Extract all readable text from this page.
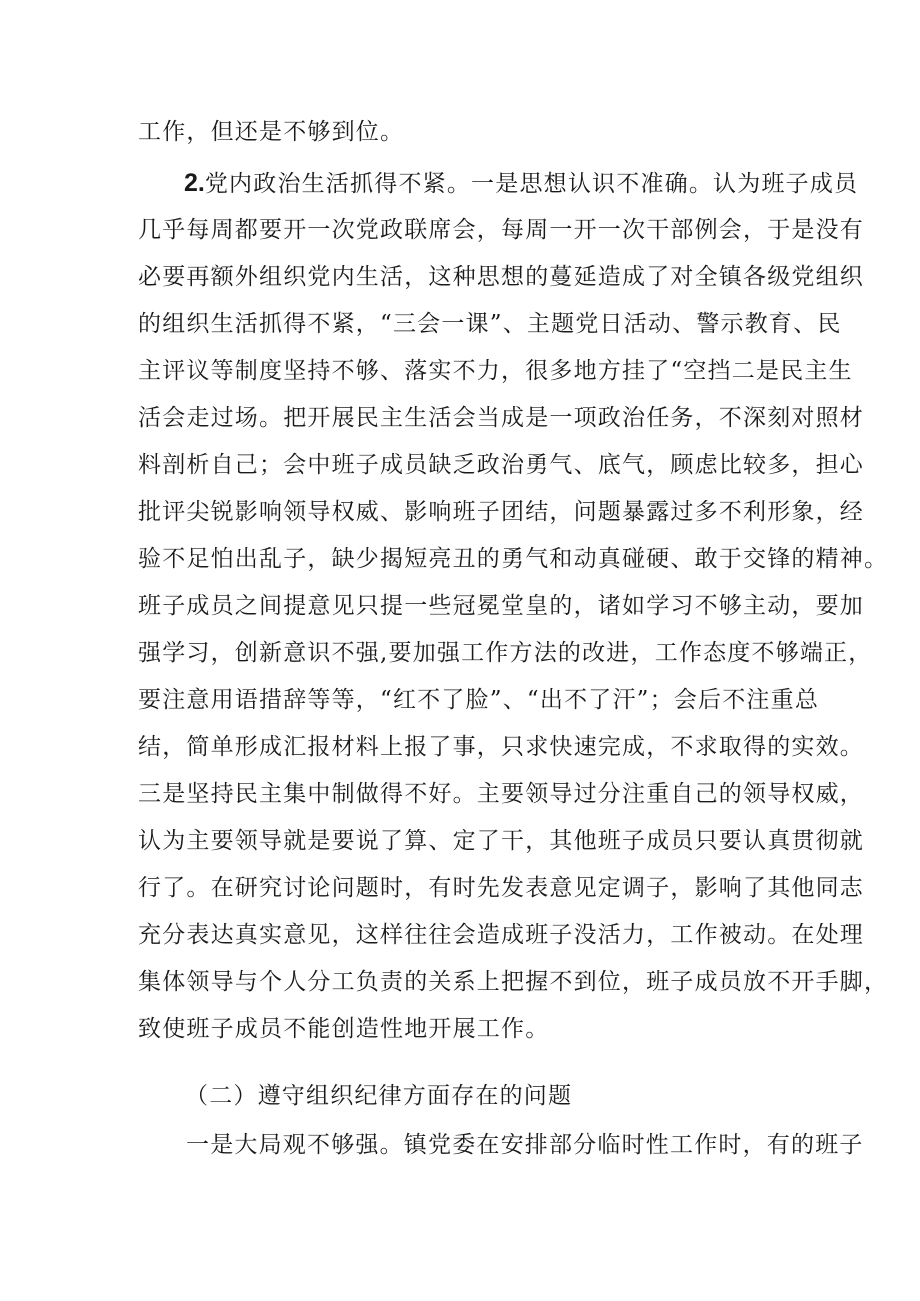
工作，但还是不够到位。
2.党内政治生活抓得不紧。一是思想认识不准确。认为班子成员
几乎每周都要开一次党政联席会，每周一开一次干部例会，于是没有
必要再额外组织党内生活，这种思想的蔓延造成了对全镇各级党组织
的组织生活抓得不紧，“三会一课”、主题党日活动、警示教育、民
主评议等制度坚持不够、落实不力，很多地方挂了“空挡二是民主生
活会走过场。把开展民主生活会当成是一项政治任务，不深刻对照材
料剖析自己；会中班子成员缺乏政治勇气、底气，顾虑比较多，担心
批评尖锐影响领导权威、影响班子团结，问题暴露过多不利形象，经
验不足怕出乱子，缺少揭短亮丑的勇气和动真碰硬、敢于交锋的精神。
班子成员之间提意见只提一些冠冕堂皇的，诸如学习不够主动，要加
强学习，创新意识不强,要加强工作方法的改进，工作态度不够端正，
要注意用语措辞等等，“红不了脸”、“出不了汗”；会后不注重总
结，简单形成汇报材料上报了事，只求快速完成，不求取得的实效。
三是坚持民主集中制做得不好。主要领导过分注重自己的领导权威，
认为主要领导就是要说了算、定了干，其他班子成员只要认真贯彻就
行了。在研究讨论问题时，有时先发表意见定调子，影响了其他同志
充分表达真实意见，这样往往会造成班子没活力，工作被动。在处理
集体领导与个人分工负责的关系上把握不到位，班子成员放不开手脚，
致使班子成员不能创造性地开展工作。
（二）遵守组织纪律方面存在的问题
一是大局观不够强。镇党委在安排部分临时性工作时，有的班子
